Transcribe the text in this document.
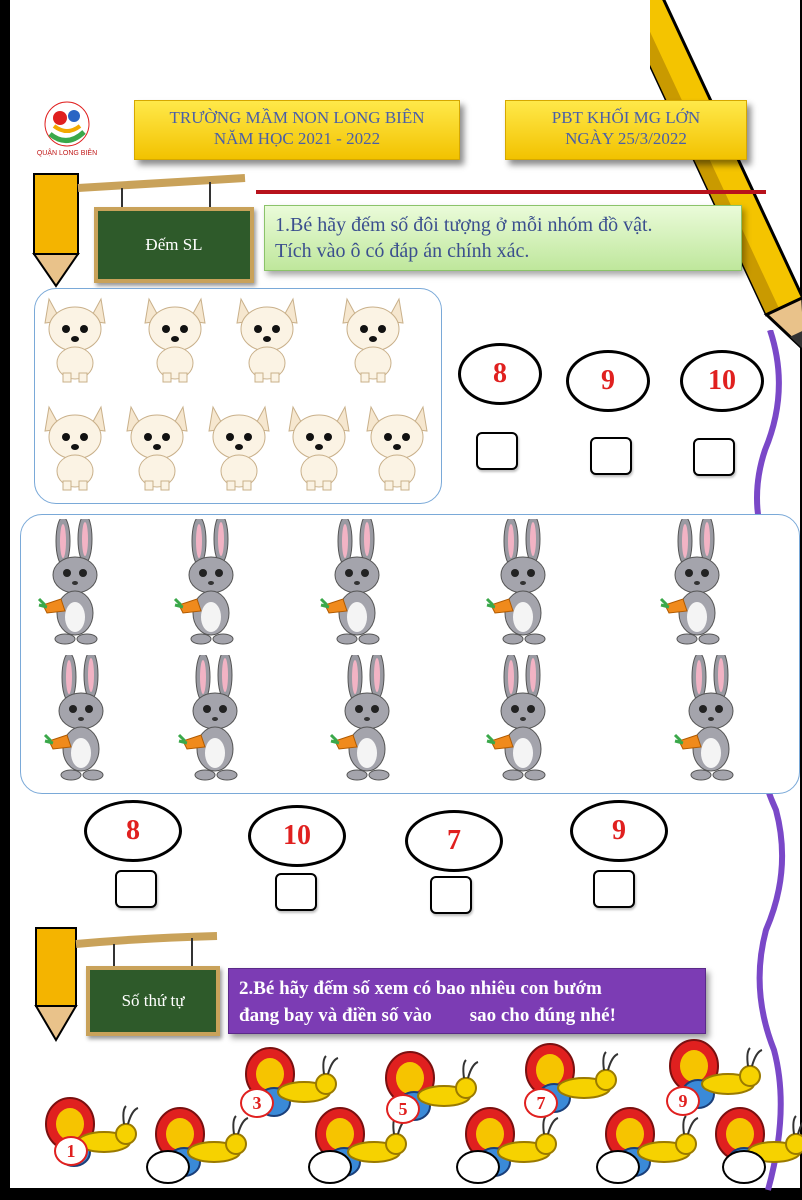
QUẬN LONG BIÊN
TRƯỜNG MẦM NON LONG BIÊN
NĂM HỌC 2021 - 2022
PBT KHỐI MG LỚN
NGÀY 25/3/2022
Đếm SL
1.Bé hãy đếm số đôi tượng ở mỗi nhóm đồ vật.
Tích vào ô có đáp án chính xác.
8	9	10
8	10	7	9
Số thứ tự
2.Bé hãy đếm số xem có bao nhiêu con bướm
đang bay và điền số vào        sao cho đúng nhé!
1
3	5	7	9
